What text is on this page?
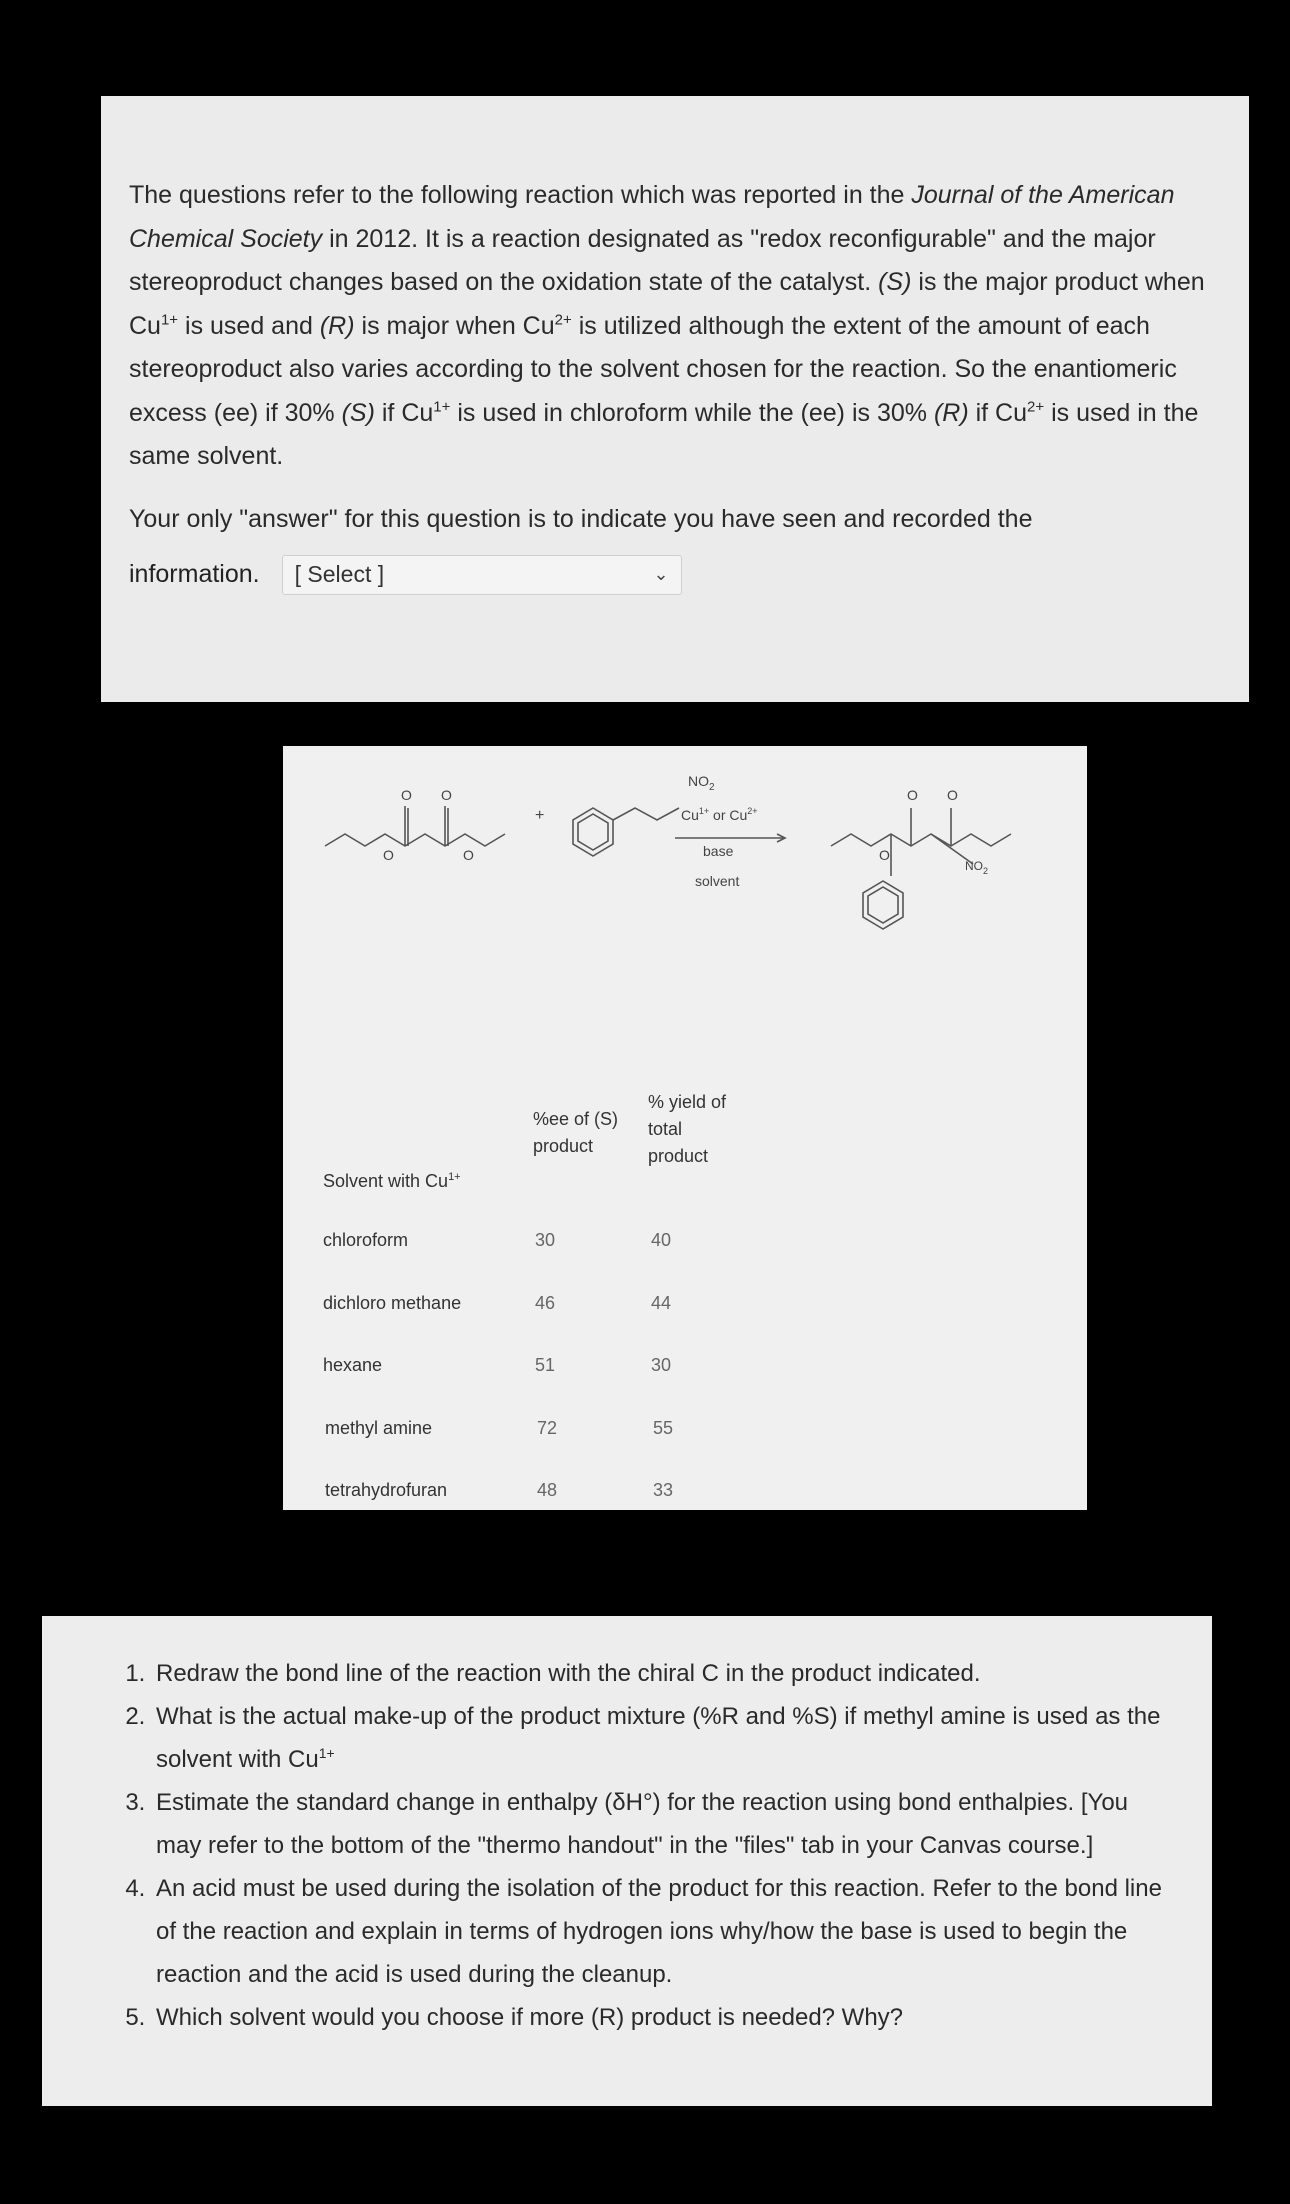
The questions refer to the following reaction which was reported in the Journal of the American Chemical Society in 2012. It is a reaction designated as "redox reconfigurable" and the major stereoproduct changes based on the oxidation state of the catalyst. (S) is the major product when $Cu^{1+}$ is used and (R) is major when $Cu^{2+}$ is utilized although the extent of the amount of each stereoproduct also varies according to the solvent chosen for the reaction. So the enantiomeric excess (ee) if 30% (S) if $Cu^{1+}$ is used in chloroform while the (ee) is 30% (R) if $Cu^{2+}$ is used in the same solvent.

Your only "answer" for this question is to indicate you have seen and recorded the
information. [ Select ]	⌄
O	O
O O
O
O O
+
$NO_2$
$Cu^{1+}$ or $Cu^{2+}$
base
solvent
$NO_2$
Solvent with $Cu^{1+}$
%ee of (S)
product
% yield of
total
product
chloroform	30	40
dichloro methane	46	44
hexane	51	30
methyl amine	72	55
tetrahydrofuran	48	33
1. Redraw the bond line of the reaction with the chiral C in the product indicated.
2. What is the actual make-up of the product mixture (%R and %S) if methyl amine is used as the solvent with $Cu^{1+}$
3. Estimate the standard change in enthalpy (δH°) for the reaction using bond enthalpies. [You may refer to the bottom of the "thermo handout" in the "files" tab in your Canvas course.]
4. An acid must be used during the isolation of the product for this reaction. Refer to the bond line of the reaction and explain in terms of hydrogen ions why/how the base is used to begin the reaction and the acid is used during the cleanup.
5. Which solvent would you choose if more (R) product is needed? Why?
